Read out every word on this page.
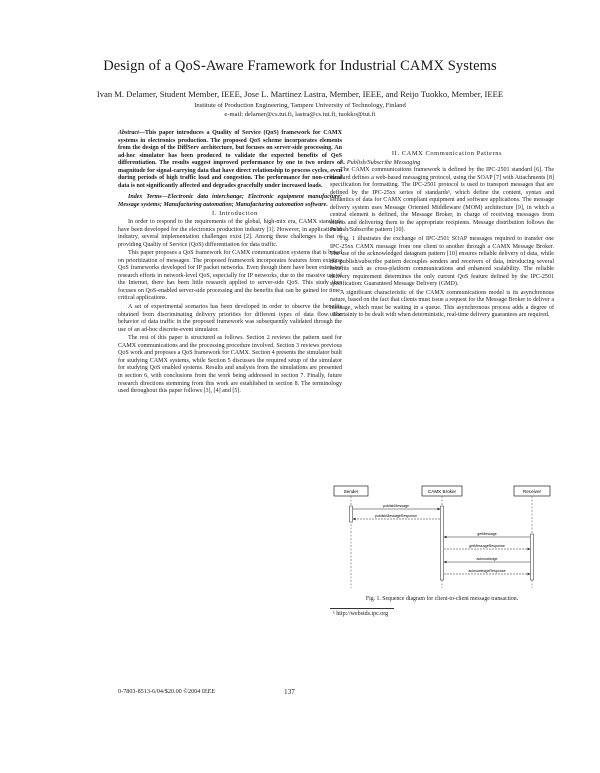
Design of a QoS-Aware Framework for Industrial CAMX Systems
Ivan M. Delamer, Student Member, IEEE, Jose L. Martinez Lastra, Member, IEEE, and Reijo Tuokko, Member, IEEE
Institute of Production Engineering, Tampere University of Technology, Finland
e-mail: delamer@cs.tut.fi, lastra@cs.tut.fi, tuokko@tut.fi

Abstract—This paper introduces a Quality of Service (QoS) framework for CAMX systems in electronics production. The proposed QoS scheme incorporates elements from the design of the DiffServ architecture, but focuses on server-side processing. An ad-hoc simulator has been produced to validate the expected benefits of QoS differentiation. The results suggest improved performance by one to two orders of magnitude for signal-carrying data that have direct relationship to process cycles, even during periods of high traffic load and congestion. The performance for non-critical data is not significantly affected and degrades gracefully under increased loads.

Index Terms—Electronic data interchange; Electronic equipment manufacture; Message systems; Manufacturing automation; Manufacturing automation software.

I. Introduction

In order to respond to the requirements of the global, high-mix era, CAMX standards have been developed for the electronics production industry [1]. However, in application in industry, several implementation challenges exist [2]. Among these challenges is that of providing Quality of Service (QoS) differentiation for data traffic.

This paper proposes a QoS framework for CAMX communication systems that is based on prioritization of messages. The proposed framework incorporates features from existing QoS frameworks developed for IP packet networks. Even though there have been extensive research efforts in network-level QoS, especially for IP networks, due to the massive use of the Internet, there has been little research applied to server-side QoS. This study thus focuses on QoS-enabled server-side processing and the benefits that can be gained for time-critical applications.

A set of experimental scenarios has been developed in order to observe the benefits obtained from discriminating delivery priorities for different types of data flow. The behavior of data traffic in the proposed framework was subsequently validated through the use of an ad-hoc discrete-event simulator.

The rest of this paper is structured as follows. Section 2 reviews the pattern used for CAMX communications and the processing procedure involved. Section 3 reviews previous QoS work and proposes a QoS framework for CAMX. Section 4 presents the simulator built for studying CAMX systems, while Section 5 discusses the required setup of the simulator for studying QoS enabled systems. Results and analysis from the simulations are presented in section 6, with conclusions from the work being addressed in section 7. Finally, future research directions stemming from this work are established in section 8. The terminology used throughout this paper follows [3], [4] and [5].

II. CAMX Communication Patterns

A. Publish/Subscribe Messaging

The CAMX communications framework is defined by the IPC-2501 standard [6]. The standard defines a web-based messaging protocol, using the SOAP [7] with Attachments [8] specification for formatting. The IPC-2501 protocol is used to transport messages that are defined by the IPC-25xx series of standards¹, which define the content, syntax and semantics of data for CAMX compliant equipment and software applications. The message delivery system uses Message Oriented Middleware (MOM) architecture [9], in which a central element is defined, the Message Broker, in charge of receiving messages from clients and delivering them to the appropriate recipients. Message distribution follows the Publish/Subscribe pattern [10].

Fig. 1 illustrates the exchange of IPC-2501 SOAP messages required to transfer one IPC-25xx CAMX message from one client to another through a CAMX Message Broker. The use of the acknowledged datagram pattern [10] ensures reliable delivery of data, while the publish/subscribe pattern decouples senders and receivers of data, introducing several benefits such as cross-platform communications and enhanced scalability. The reliable delivery requirement determines the only current QoS feature defined by the IPC-2501 specification: Guaranteed Message Delivery (GMD).

A significant characteristic of the CAMX communications model is its asynchronous nature, based on the fact that clients must issue a request for the Message Broker to deliver a message, which must be waiting in a queue. This asynchronous process adds a degree of uncertainty to be dealt with when deterministic, real-time delivery guarantees are required.

Sender	CAMX Broker	Receiver
publishMessage
publishMessageResponse
getMessage
getMessageResponse
acknowledge
acknowledgeResponse
Fig. 1. Sequence diagram for client-to-client message transaction.
¹ http://webstds.ipc.org
0-7803-8513-6/04/$20.00 ©2004 IEEE	137
